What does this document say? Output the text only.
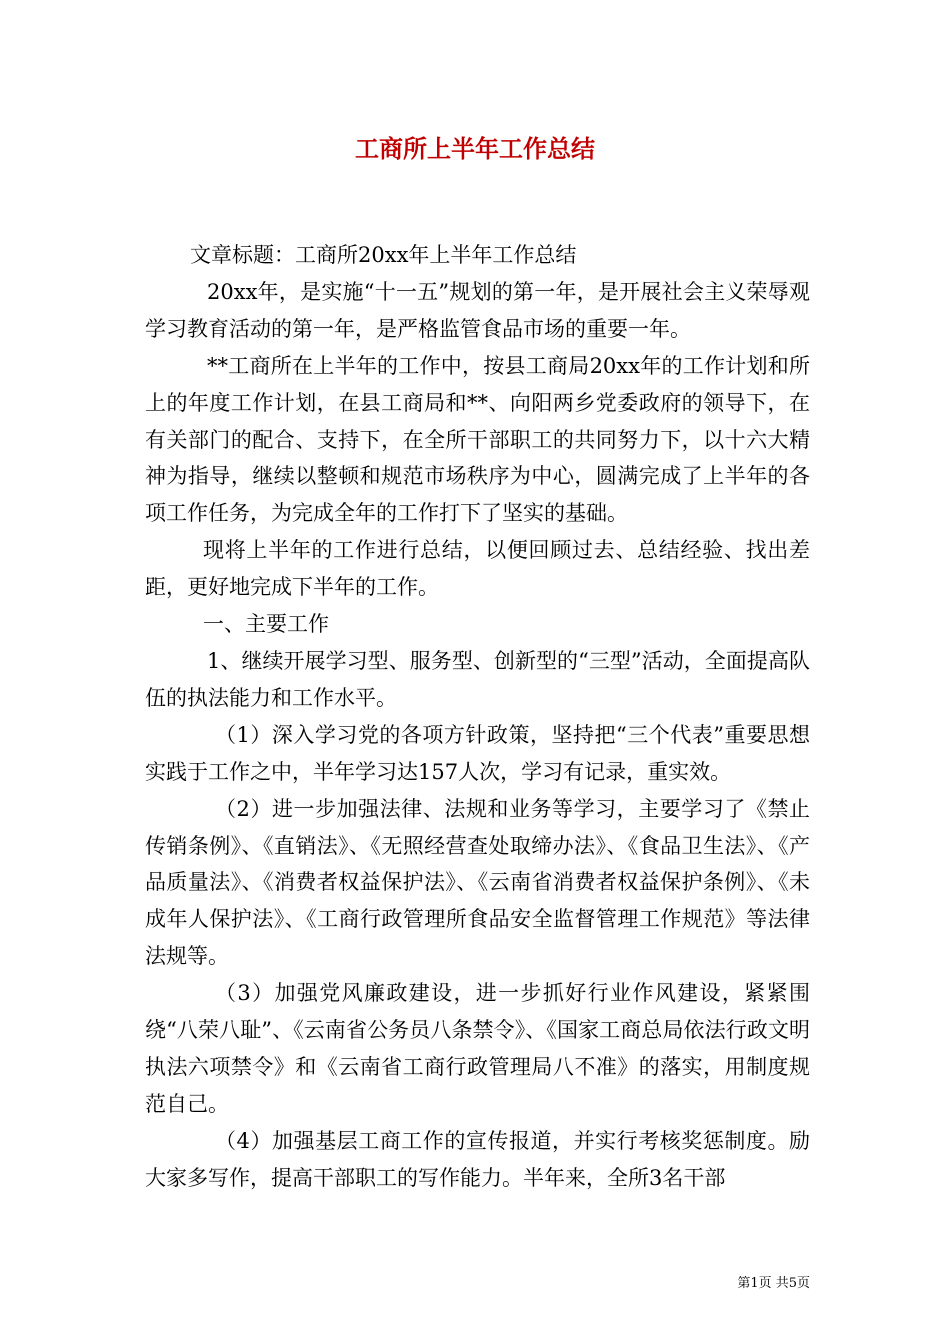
工商所上半年工作总结

文章标题：工商所20xx年上半年工作总结

20xx年，是实施“十一五”规划的第一年，是开展社会主义荣辱观学习教育活动的第一年，是严格监管食品市场的重要一年。

**工商所在上半年的工作中，按县工商局20xx年的工作计划和所上的年度工作计划，在县工商局和**、向阳两乡党委政府的领导下，在有关部门的配合、支持下，在全所干部职工的共同努力下，以十六大精神为指导，继续以整顿和规范市场秩序为中心，圆满完成了上半年的各项工作任务，为完成全年的工作打下了坚实的基础。

现将上半年的工作进行总结，以便回顾过去、总结经验、找出差距，更好地完成下半年的工作。

一、主要工作

1、继续开展学习型、服务型、创新型的“三型”活动，全面提高队伍的执法能力和工作水平。

（1）深入学习党的各项方针政策，坚持把“三个代表”重要思想实践于工作之中，半年学习达157人次，学习有记录，重实效。

（2）进一步加强法律、法规和业务等学习，主要学习了《禁止传销条例》、《直销法》、《无照经营查处取缔办法》、《食品卫生法》、《产品质量法》、《消费者权益保护法》、《云南省消费者权益保护条例》、《未成年人保护法》、《工商行政管理所食品安全监督管理工作规范》等法律法规等。

（3）加强党风廉政建设，进一步抓好行业作风建设，紧紧围绕“八荣八耻”、《云南省公务员八条禁令》、《国家工商总局依法行政文明执法六项禁令》和《云南省工商行政管理局八不准》的落实，用制度规范自己。

（4）加强基层工商工作的宣传报道，并实行考核奖惩制度。励大家多写作，提高干部职工的写作能力。半年来，全所3名干部

第1页 共5页
